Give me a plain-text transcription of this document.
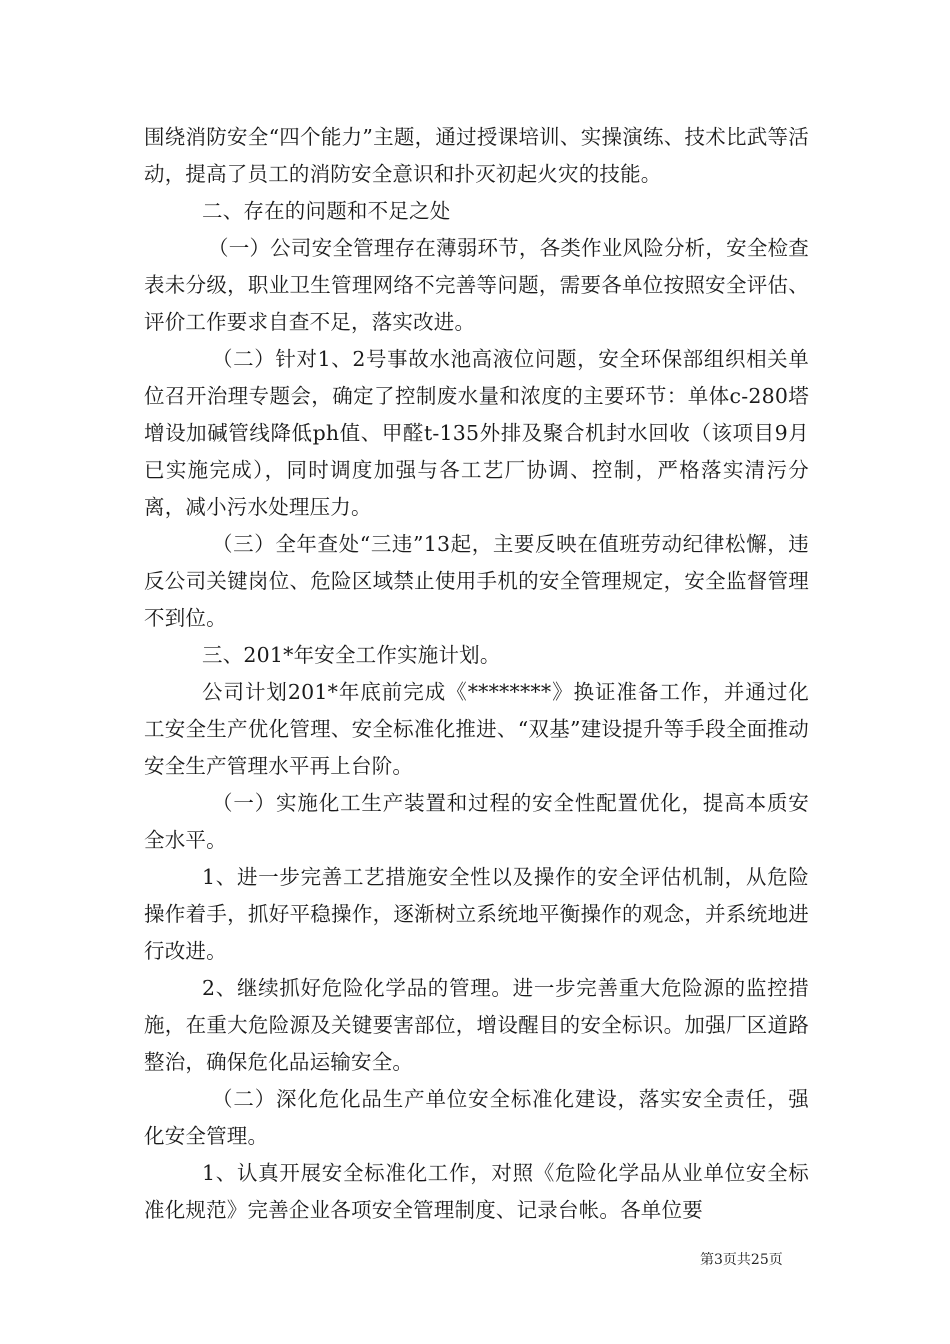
围绕消防安全“四个能力”主题，通过授课培训、实操演练、技术比武等活动，提高了员工的消防安全意识和扑灭初起火灾的技能。

二、存在的问题和不足之处

（一）公司安全管理存在薄弱环节，各类作业风险分析，安全检查表未分级，职业卫生管理网络不完善等问题，需要各单位按照安全评估、评价工作要求自查不足，落实改进。

（二）针对1、2号事故水池高液位问题，安全环保部组织相关单位召开治理专题会，确定了控制废水量和浓度的主要环节：单体c-280塔增设加碱管线降低ph值、甲醛t-135外排及聚合机封水回收（该项目9月已实施完成），同时调度加强与各工艺厂协调、控制，严格落实清污分离，减小污水处理压力。

（三）全年查处“三违”13起，主要反映在值班劳动纪律松懈，违反公司关键岗位、危险区域禁止使用手机的安全管理规定，安全监督管理不到位。

三、201*年安全工作实施计划。

公司计划201*年底前完成《********》换证准备工作，并通过化工安全生产优化管理、安全标准化推进、“双基”建设提升等手段全面推动安全生产管理水平再上台阶。

（一）实施化工生产装置和过程的安全性配置优化，提高本质安全水平。

1、进一步完善工艺措施安全性以及操作的安全评估机制，从危险操作着手，抓好平稳操作，逐渐树立系统地平衡操作的观念，并系统地进行改进。

2、继续抓好危险化学品的管理。进一步完善重大危险源的监控措施，在重大危险源及关键要害部位，增设醒目的安全标识。加强厂区道路整治，确保危化品运输安全。

（二）深化危化品生产单位安全标准化建设，落实安全责任，强化安全管理。

1、认真开展安全标准化工作，对照《危险化学品从业单位安全标准化规范》完善企业各项安全管理制度、记录台帐。各单位要

第3页共25页
